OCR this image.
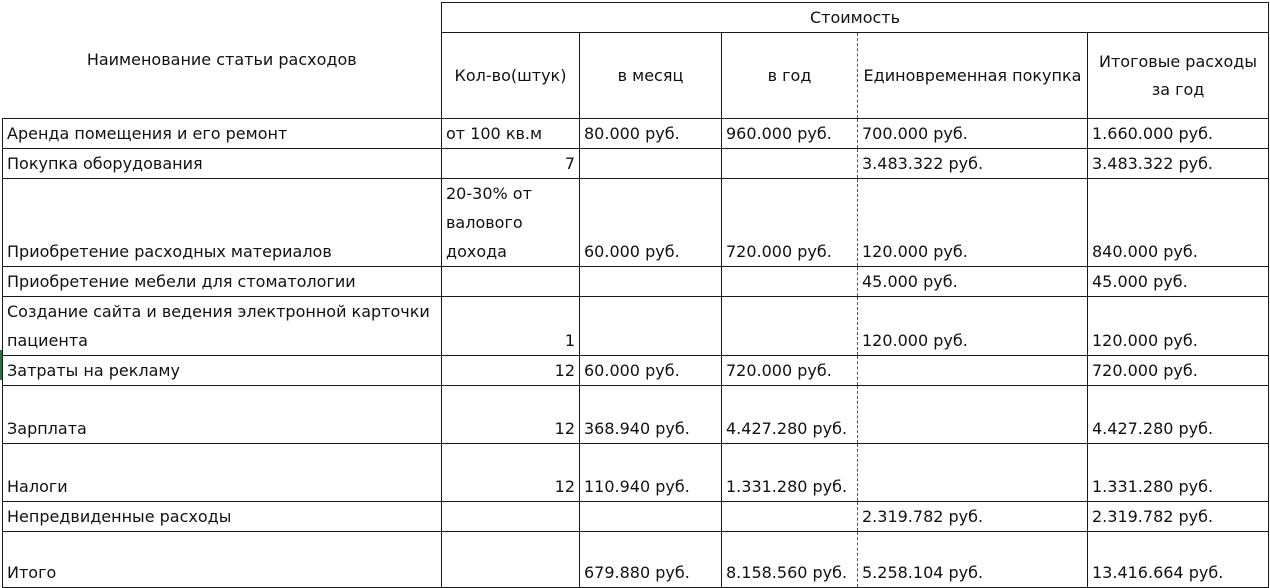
Наименование статьи расходов	Стоимость				
	Кол-во(штук)	в месяц	в год	Единовременная покупка	Итоговые расходы за год
Аренда помещения и его ремонт	от 100 кв.м	80.000 руб.	960.000 руб.	700.000 руб.	1.660.000 руб.
Покупка оборудования	7			3.483.322 руб.	3.483.322 руб.
Приобретение расходных материалов	20-30% от валового дохода	60.000 руб.	720.000 руб.	120.000 руб.	840.000 руб.
Приобретение мебели для стоматологии				45.000 руб.	45.000 руб.
Создание сайта и ведения электронной карточки пациента	1			120.000 руб.	120.000 руб.
Затраты на рекламу	12	60.000 руб.	720.000 руб.		720.000 руб.
Зарплата	12	368.940 руб.	4.427.280 руб.		4.427.280 руб.
Налоги	12	110.940 руб.	1.331.280 руб.		1.331.280 руб.
Непредвиденные расходы				2.319.782 руб.	2.319.782 руб.
Итого		679.880 руб.	8.158.560 руб.	5.258.104 руб.	13.416.664 руб.
